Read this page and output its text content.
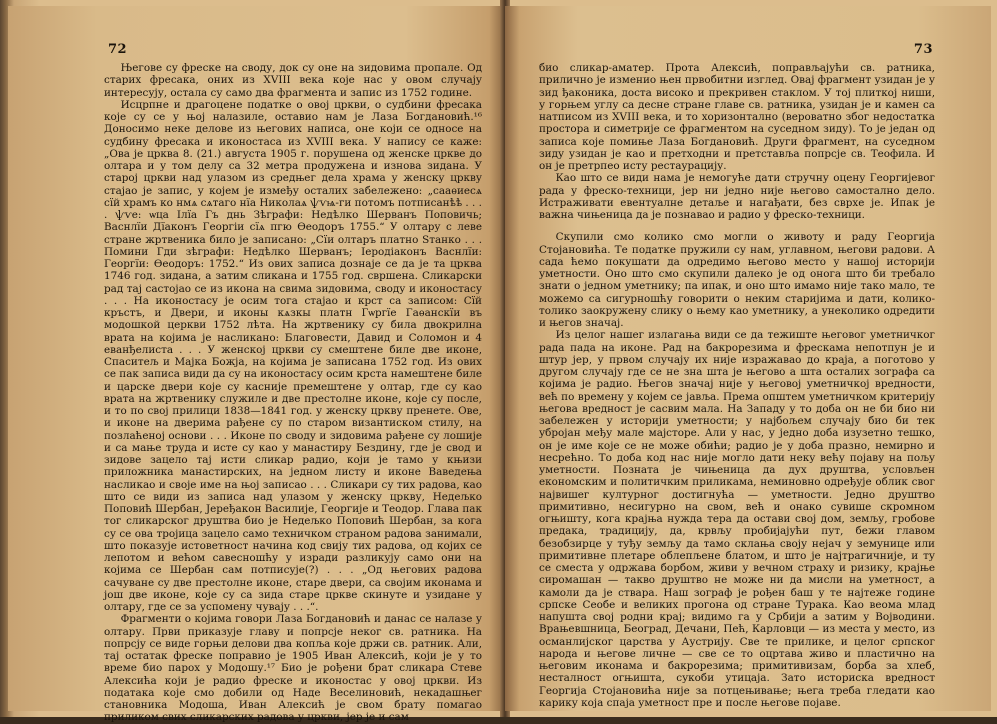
72

Његове су фреске на своду, док су оне на зидовима пропале. Од старих фресака, оних из XVIII века које нас у овом случају интересују, остала су само два фрагмента и запис из 1752 године.

Исцрпне и драгоцене податке о овој цркви, о судбини фресака које су се у њој налазиле, оставио нам је Лаза Богдановић.¹⁶ Доносимо неке делове из његових написа, оне који се односе на судбину фресака и иконостаса из XVIII века. У напису се каже: „Ова је црква 8. (21.) августа 1905 г. порушена од женске цркве до олтара и у том делу са 32 метра продужена и изнова зидана. У старој цркви над улазом из средњег дела храма у женску цркву стајао је запис, у којем је између осталих забележено: „сааѳиесѧ сїй храмъ ко нмѧ сѧтаго нїа Николаѧ ѱѵѩ-ги потомъ потписанѣѣ . . . . ѱѵе: ѡца Ілїа Гъ днь Зѣграфи: Недѣлко Шерванъ Поповичь; Васнлїи Дїаконъ Георгіи сїѧ пгю Ѳеодоръ 1755.“ У олтару с леве стране жртвеника било је записано: „Сїи олтаръ платно Ѕтанко . . . Помини Гди зѣграфи: Недѣлко Шерванъ; Іеродіаконъ Васнлїи: Георгїи: Ѳеодоръ: 1752.“ Из ових записа дознаје се да је та црква 1746 год. зидана, а затим сликана и 1755 год. свршена. Сликарски рад тај састојао се из икона на свима зидовима, своду и иконостасу . . . На иконостасу је осим тога стајао и крст са записом: Сїй кръстъ, и Двери, и иконы кѧзкы платн Гѡргїе Гаѳанскїи въ модошкой церкви 1752 лѣта. На жртвенику су била двокрилна врата на којима је насликано: Благовести, Давид и Соломон и 4 еванђелиста . . . У женској цркви су смештене биле две иконе, Спаситељ и Мајка Божја, на којима је записана 1752 год. Из ових се пак записа види да су на иконостасу осим крста намештене биле и царске двери које су касније премештене у олтар, где су као врата на жртвенику служиле и две престолне иконе, које су после, и то по свој прилици 1838—1841 год. у женску цркву пренете. Ове, и иконе на дверима рађене су по старом византиском стилу, на позлаћеној основи . . . Иконе по своду и зидовима рађене су лошије и са мање труда и исте су као у манастиру Бездину, где је свод и зидове зацело тај исти сликар радио, који је тамо у књизи приложника манастирских, на једном листу и иконе Ваведења насликао и своје име на њој записао . . . Сликари су тих радова, као што се види из записа над улазом у женску цркву, Недељко Поповић Шербан, Јеређакон Василије, Георгије и Теодор. Глава пак тог сликарског друштва био је Недељко Поповић Шербан, за кога су се ова тројица зацело само техничком страном радова занимали, што показује истоветност начина код свију тих радова, од којих се лепотом и већом савесношћу у изради разликују само они на којима се Шербан сам потписује(?) . . . „Од његових радова сачуване су две престолне иконе, старе двери, са својим иконама и још две иконе, које су са зида старе цркве скинуте и узидане у олтару, где се за успомену чувају . . .“.

Фрагменти о којима говори Лаза Богдановић и данас се налазе у олтару. Први приказује главу и попрсје неког св. ратника. На попрсју се виде горњи делови два копља које држи св. ратник. Али, тај остатак фреске поправио је 1905 Иван Алексић, који је у то време био парох у Модошу.¹⁷ Био је рођени брат сликара Стеве Алексића који је радио фреске и иконостас у овој цркви. Из података које смо добили од Наде Веселиновић, некадашњег становника Модоша, Иван Алексић је свом брату помагао приликом свих сликарских радова у цркви, јер је и сам

73

био сликар-аматер. Прота Алексић, поправљајући св. ратника, прилично је изменио њен првобитни изглед. Овај фрагмент узидан је у зид ђаконика, доста високо и прекривен стаклом. У тој плиткој ниши, у горњем углу са десне стране главе св. ратника, узидан је и камен са натписом из XVIII века, и то хоризонтално (вероватно због недостатка простора и симетрије се фрагментом на суседном зиду). То је један од записа које помиње Лаза Богдановић. Други фрагмент, на суседном зиду узидан је као и претходни и претставља попрсје св. Теофила. И он је претрпео исту рестаурацију.

Као што се види нама је немогуће дати стручну оцену Георгијевог рада у фреско-техници, јер ни једно није његово самостално дело. Истраживати евентуалне детаље и нагађати, без сврхе је. Ипак је важна чињеница да је познавао и радио у фреско-техници.

Скупили смо колико смо могли о животу и раду Георгија Стојановића. Те податке пружили су нам, углавном, његови радови. А сада ћемо покушати да одредимо његово место у нашој историји уметности. Оно што смо скупили далеко је од онога што би требало знати о једном уметнику; па ипак, и оно што имамо није тако мало, те можемо са сигурношћу говорити о неким старијима и дати, колико-толико заокружену слику о њему као уметнику, а унеколико одредити и његов значај.

Из целог нашег излагања види се да тежиште његовог уметничког рада пада на иконе. Рад на бакрорезима и фрескама непотпун је и штур јер, у првом случају их није изражавао до краја, а поготово у другом случају где се не зна шта је његово а шта осталих зографа са којима је радио. Његов значај није у његовој уметничкој вредности, већ по времену у којем се јавља. Према општем уметничком критерију његова вредност је сасвим мала. На Западу у то доба он не би био ни забележен у историји уметности; у најбољем случају био би тек убројан међу мале мајсторе. Али у нас, у једно доба изузетно тешко, он је име које се не може обићи; радио је у доба празно, немирно и несрећно. То доба код нас није могло дати неку већу појаву на пољу уметности. Позната је чињеница да дух друштва, условљен економским и политичким приликама, неминовно одређује облик свог највишег културног достигнућа — уметности. Једно друштво примитивно, несигурно на свом, већ и онако сувише скромном огњишту, кога крајња нужда тера да остави свој дом, земљу, гробове предака, традицију, да, крвљу пробијајући пут, бежи главом безобзирце у туђу земљу да тамо склања своју нејач у земунице или примитивне плетаре облепљене блатом, и што је најтрагичније, и ту се сместа у одржава борбом, живи у вечном страху и ризику, крајње сиромашан — такво друштво не може ни да мисли на уметност, а камоли да је ствара. Наш зограф је рођен баш у те најтеже године српске Сеобе и великих прогона од стране Турака. Као веома млад напушта свој родни крај; видимо га у Србији а затим у Војводини. Врањевшница, Београд, Дечани, Пећ, Карловци — из места у место, из османлијског царства у Аустрију. Све те прилике, и целог српског народа и његове личне — све се то оцртава живо и пластично на његовим иконама и бакрорезима; примитивизам, борба за хлеб, несталност огњишта, сукоби утицаја. Зато историска вредност Георгија Стојановића није за потцењивање; њега треба гледати као карику која спаја уметност пре и после његове појаве.
